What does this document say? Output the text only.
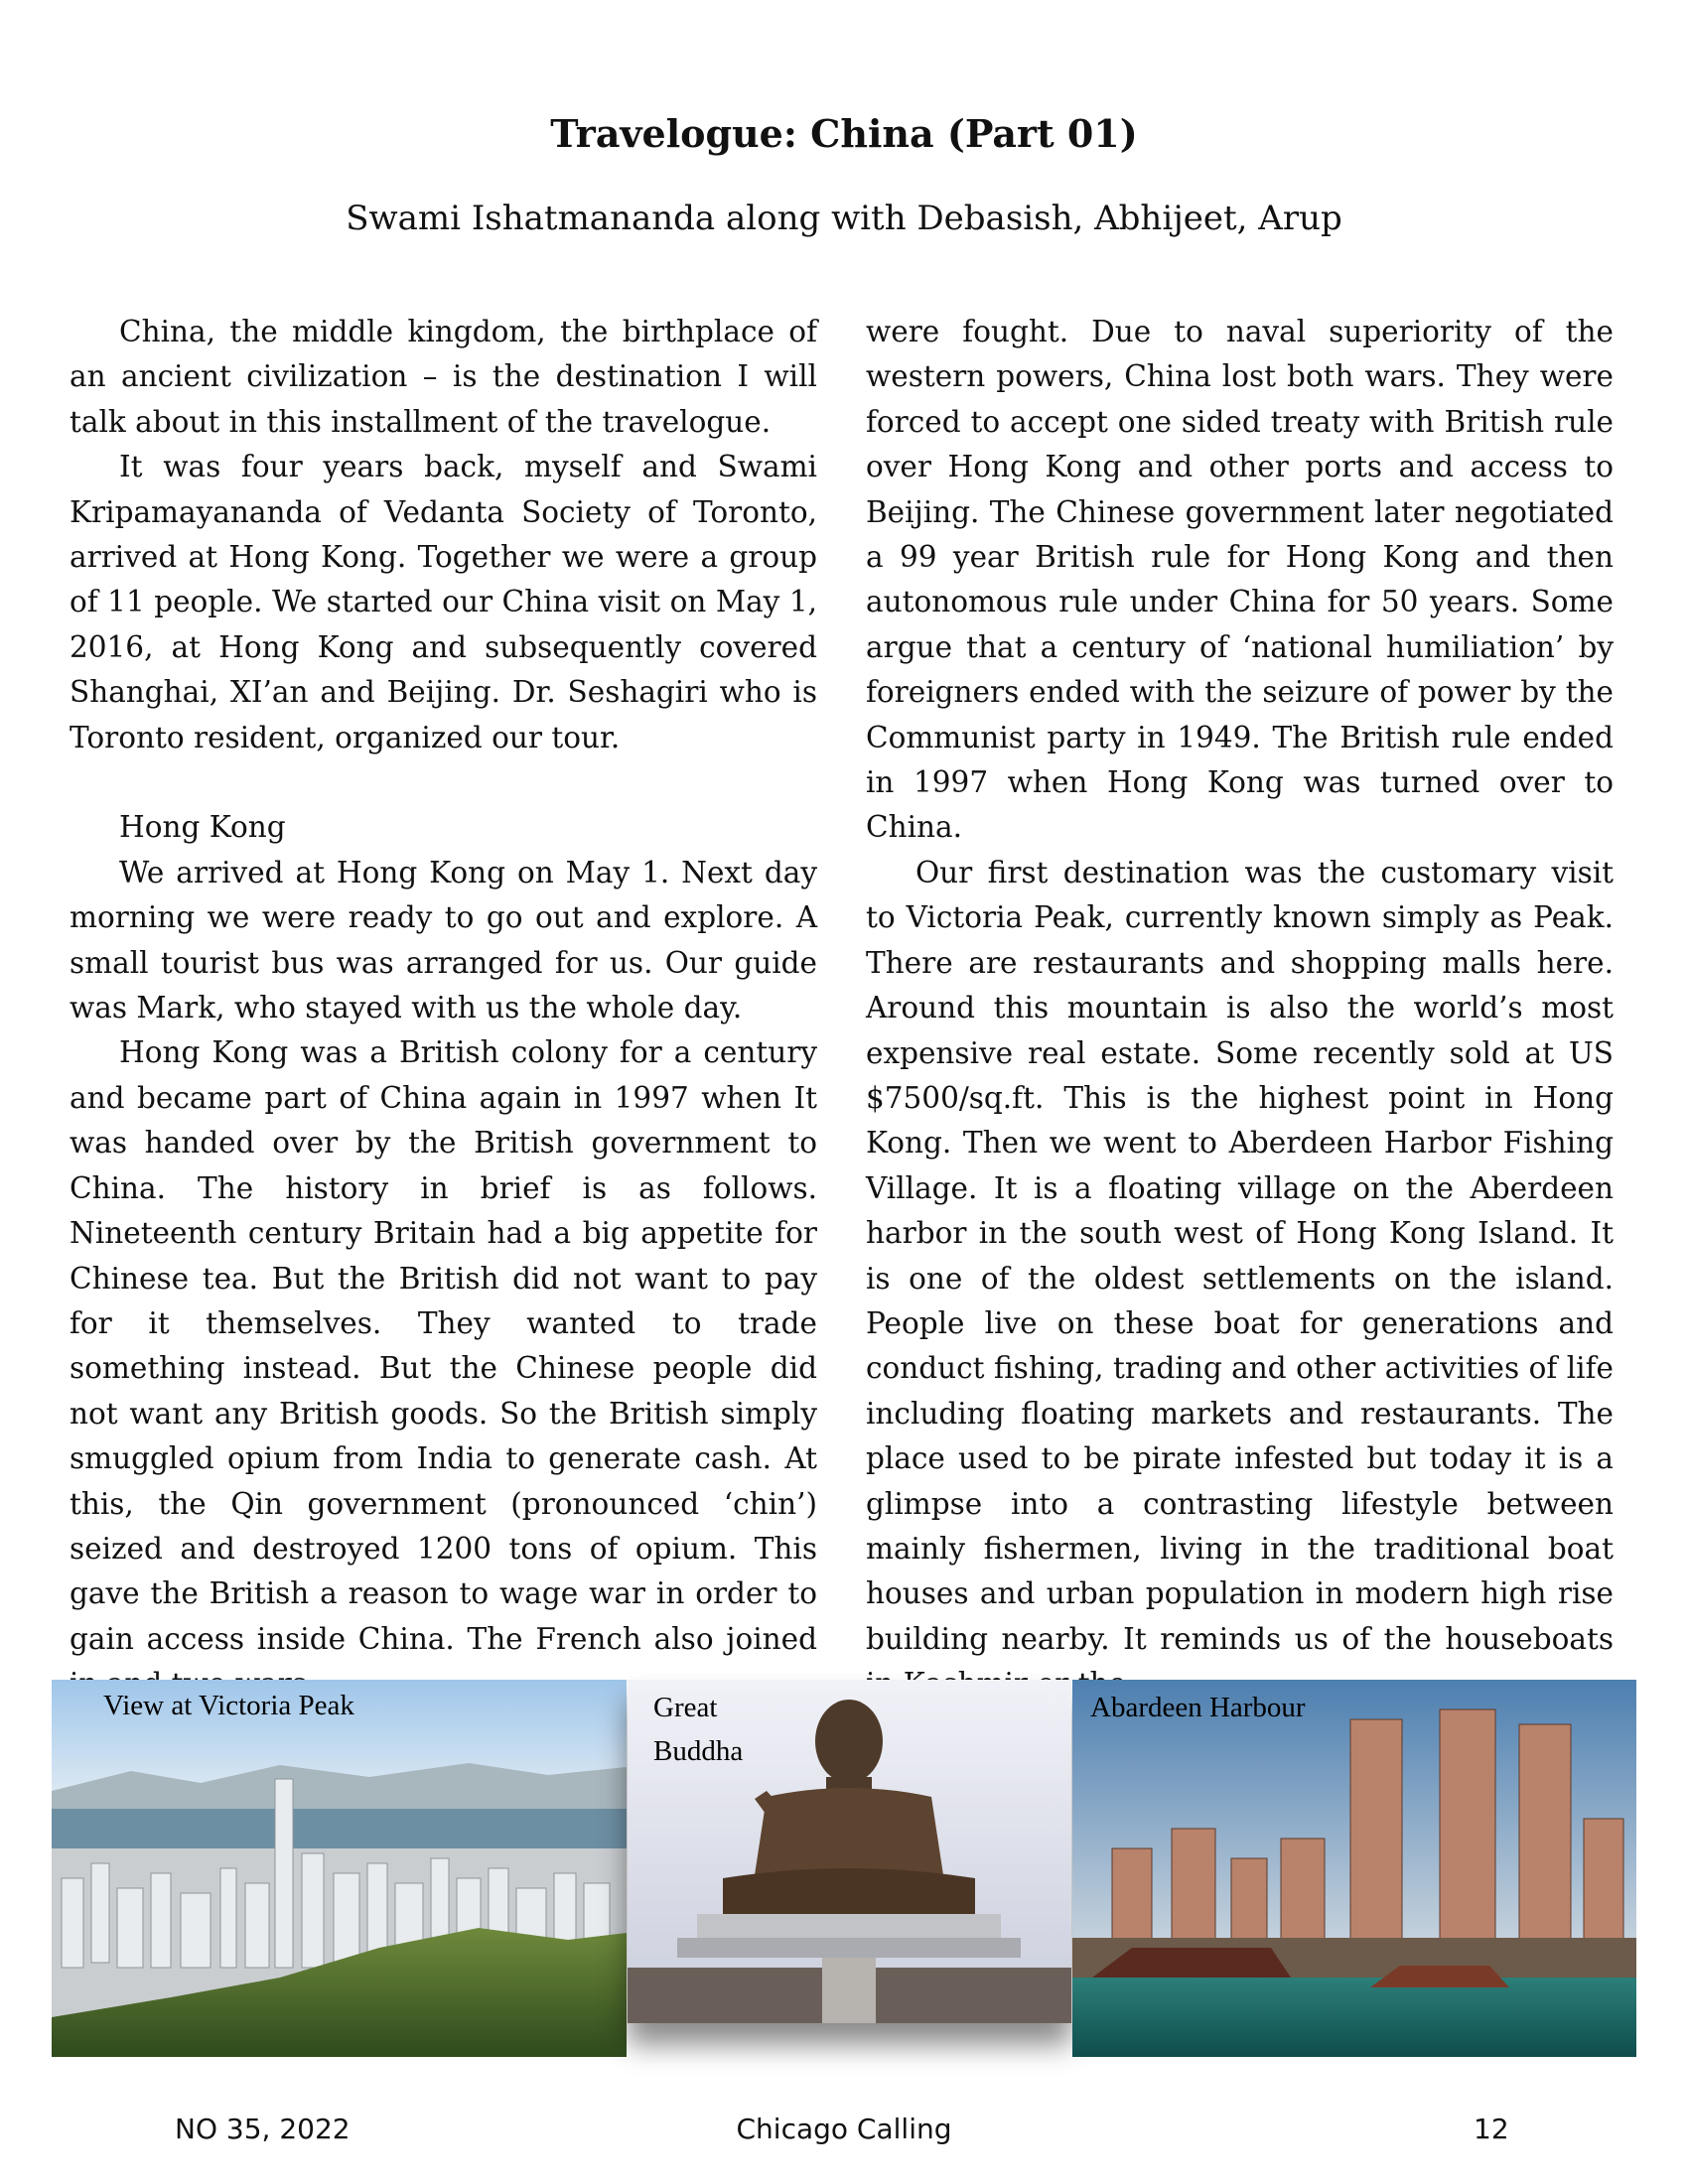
Travelogue: China (Part 01)
Swami Ishatmananda along with Debasish, Abhijeet, Arup

China, the middle kingdom, the birthplace of an ancient civilization – is the destination I will talk about in this installment of the travelogue.

It was four years back, myself and Swami Kripamayananda of Vedanta Society of Toronto, arrived at Hong Kong. Together we were a group of 11 people. We started our China visit on May 1, 2016, at Hong Kong and subsequently covered Shanghai, XI’an and Beijing. Dr. Seshagiri who is Toronto resident, organized our tour.

Hong Kong

We arrived at Hong Kong on May 1. Next day morning we were ready to go out and explore. A small tourist bus was arranged for us. Our guide was Mark, who stayed with us the whole day.

Hong Kong was a British colony for a century and became part of China again in 1997 when It was handed over by the British government to China. The history in brief is as follows. Nineteenth century Britain had a big appetite for Chinese tea. But the British did not want to pay for it themselves. They wanted to trade something instead. But the Chinese people did not want any British goods. So the British simply smuggled opium from India to generate cash. At this, the Qin government (pronounced ‘chin’) seized and destroyed 1200 tons of opium. This gave the British a reason to wage war in order to gain access inside China. The French also joined

were fought. Due to naval superiority of the western powers, China lost both wars. They were forced to accept one sided treaty with British rule over Hong Kong and other ports and access to Beijing. The Chinese government later negotiated a 99 year British rule for Hong Kong and then autonomous rule under China for 50 years. Some argue that a century of ‘national humiliation’ by foreigners ended with the seizure of power by the Communist party in 1949. The British rule ended in 1997 when Hong Kong was turned over to China.

Our first destination was the customary visit to Victoria Peak, currently known simply as Peak. There are restaurants and shopping malls here. Around this mountain is also the world’s most expensive real estate. Some recently sold at US $7500/sq.ft. This is the highest point in Hong Kong. Then we went to Aberdeen Harbor Fishing Village. It is a floating village on the Aberdeen harbor in the south west of Hong Kong Island. It is one of the oldest settlements on the island. People live on these boat for generations and conduct fishing, trading and other activities of life including floating markets and restaurants. The place used to be pirate infested but today it is a glimpse into a contrasting lifestyle between mainly fishermen, living in the traditional boat houses and urban population in modern high rise building nearby. It reminds us of the houseboats

View at Victoria Peak	Great
Buddha
Abardeen Harbour
NO 35, 2022	Chicago Calling	12
